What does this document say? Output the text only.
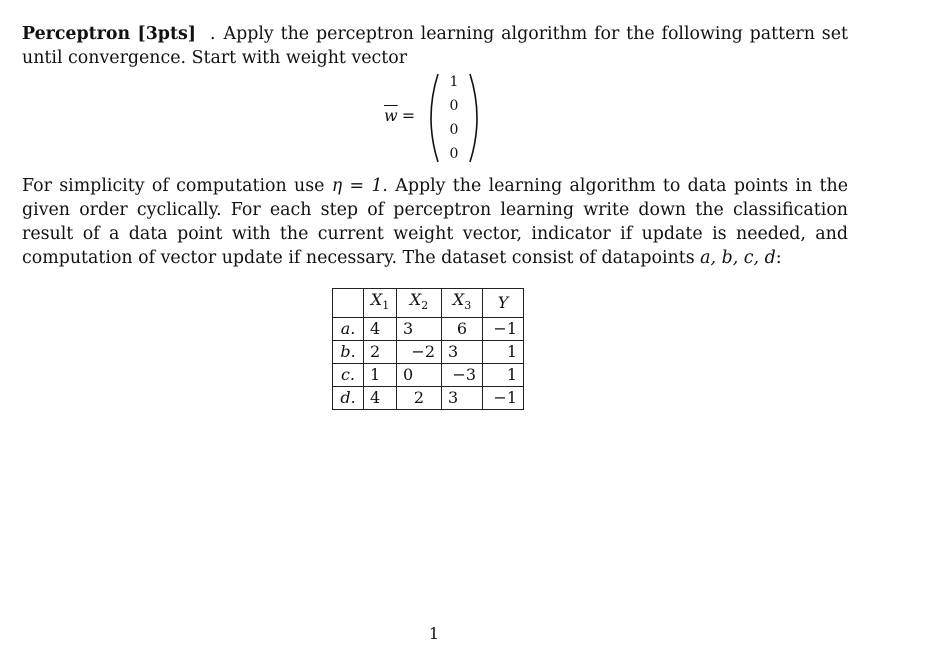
Perceptron [3pts] . Apply the perceptron learning algorithm for the following pattern set until convergence. Start with weight vector
$\overline{w}$ =
1
0
0
0
For simplicity of computation use η = 1. Apply the learning algorithm to data points in the given order cyclically. For each step of perceptron learning write down the classification result of a data point with the current weight vector, indicator if update is needed, and computation of vector update if necessary. The dataset consist of datapoints a, b, c, d:
	$X_1$	$X_2$	$X_3$	Y
a.	4	3	6	−1
b.	2	−2	3	1
c.	1	0	−3	1
d.	4	2	3	−1
1
